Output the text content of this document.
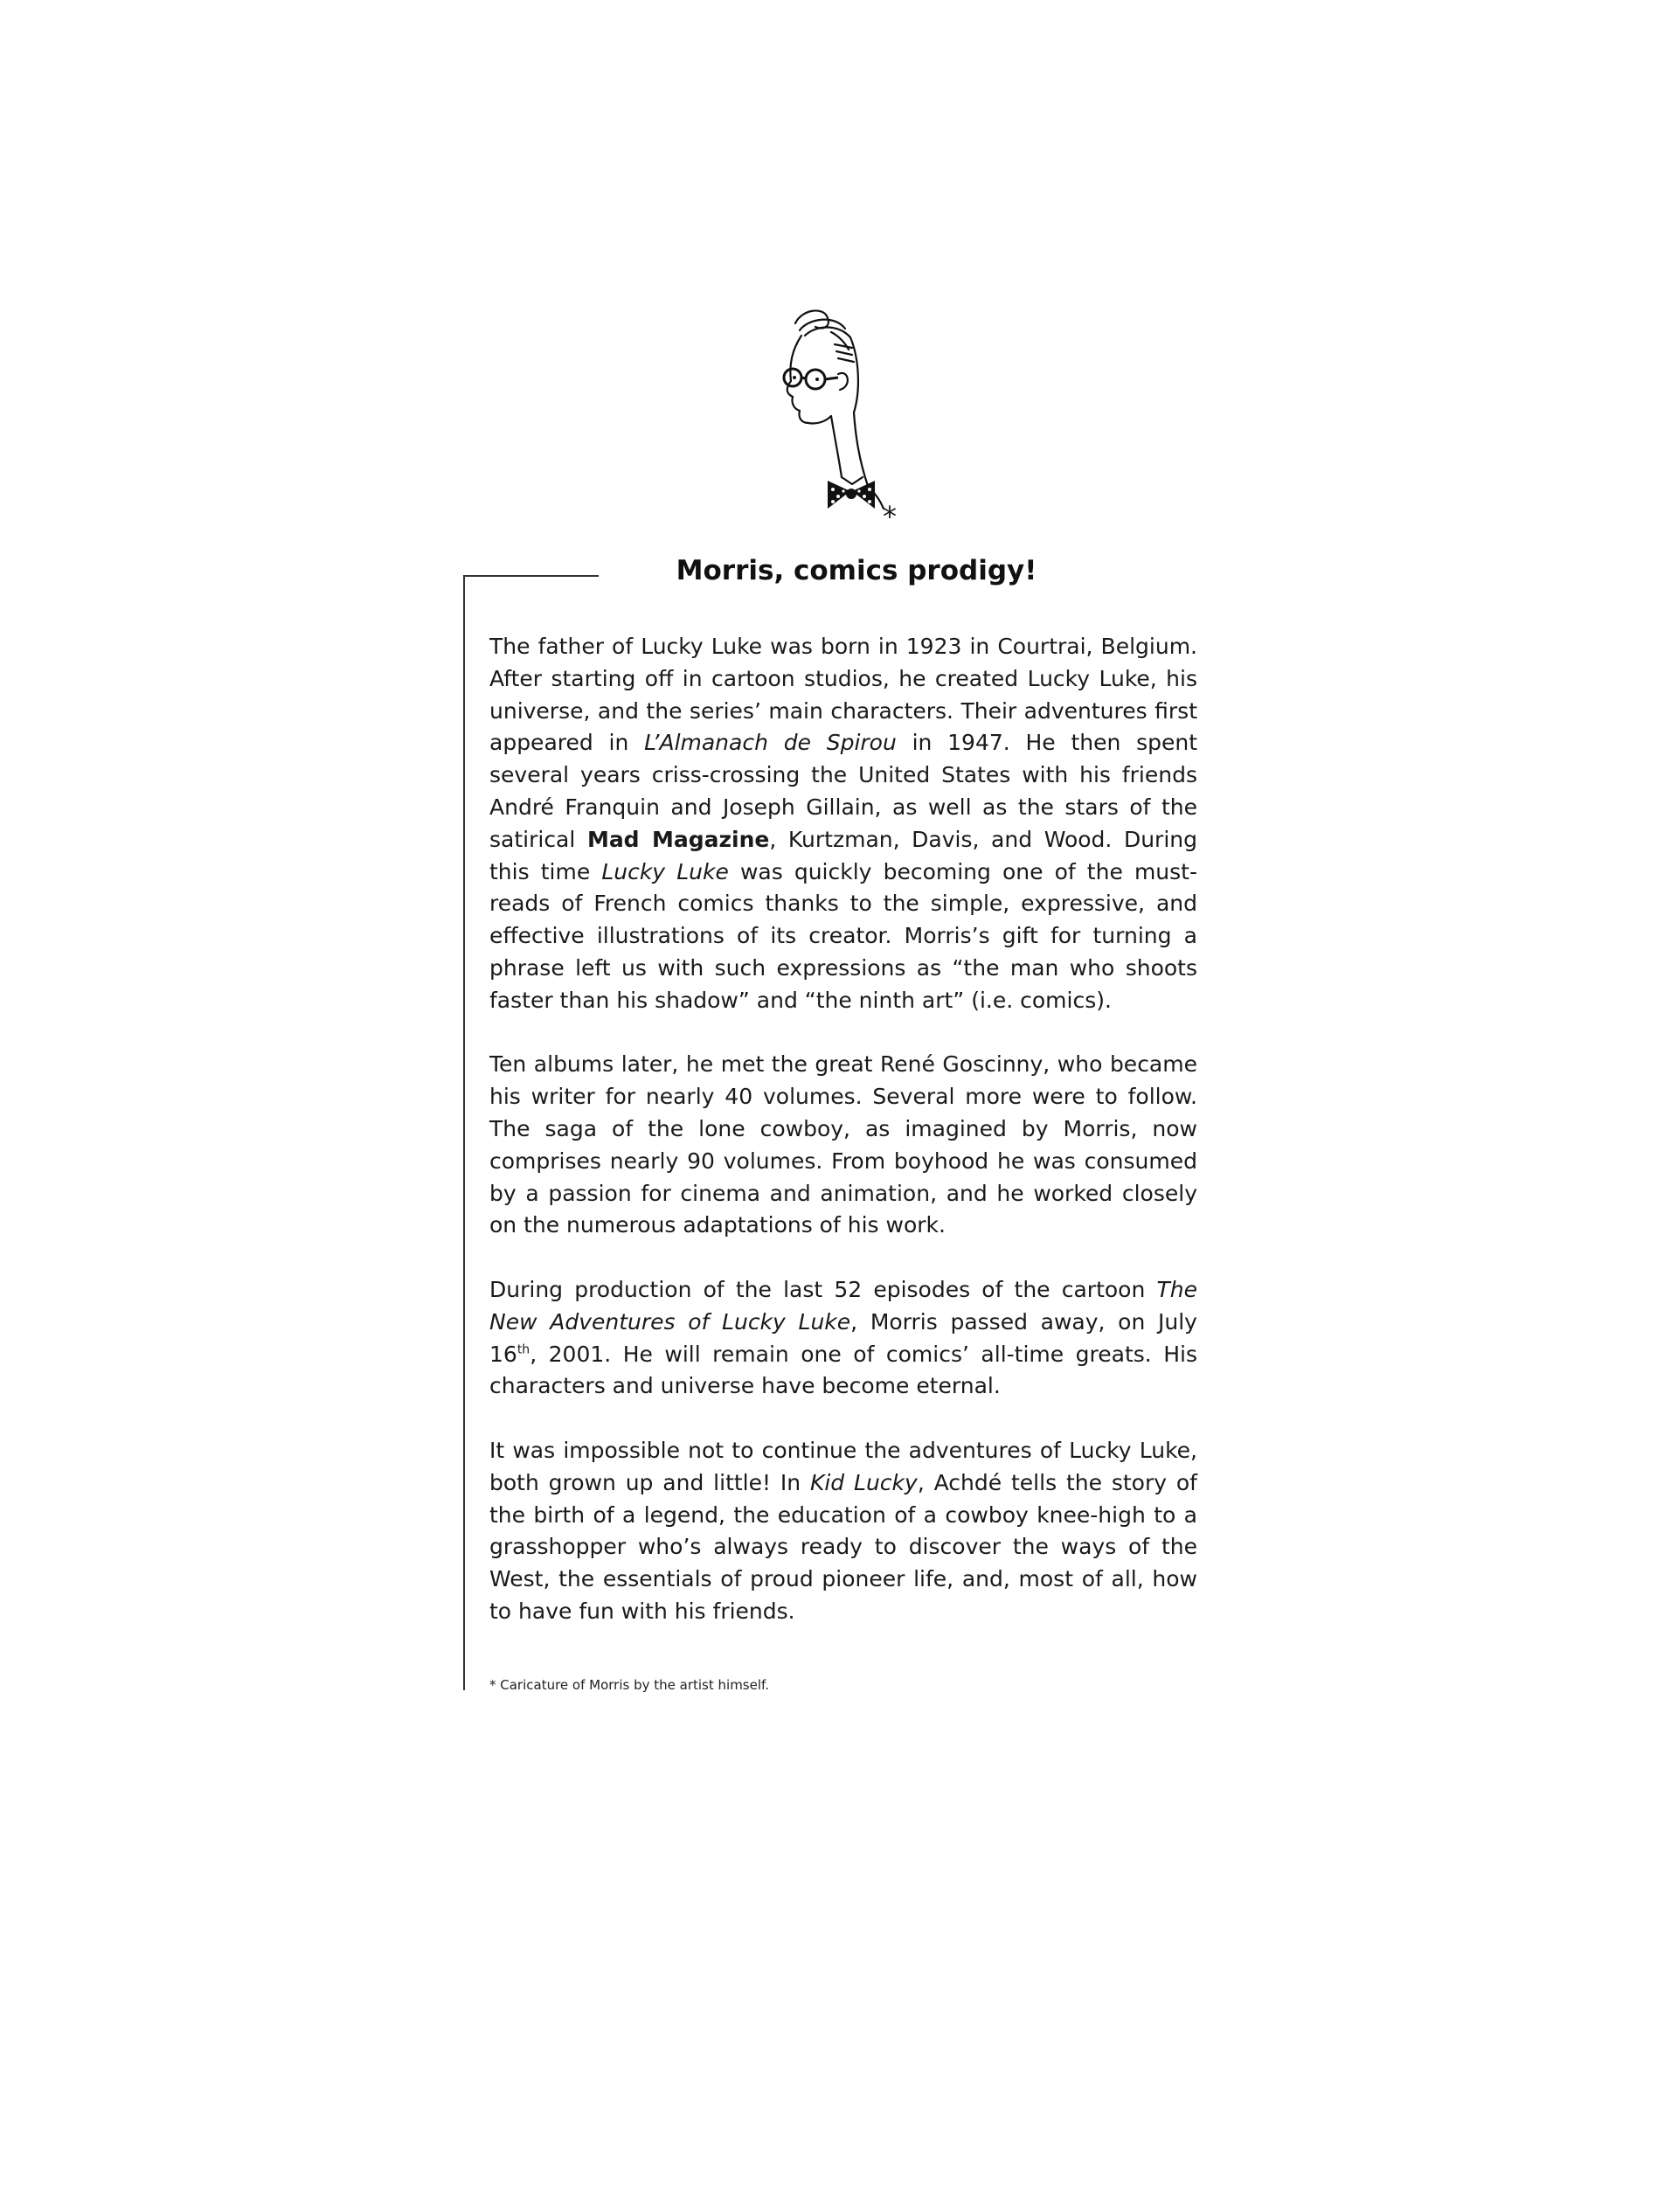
*
Morris, comics prodigy!

The father of Lucky Luke was born in 1923 in Courtrai, Belgium. After starting off in cartoon studios, he created Lucky Luke, his universe, and the series’ main characters. Their adventures first appeared in L’Almanach de Spirou in 1947. He then spent several years criss-crossing the United States with his friends André Franquin and Joseph Gillain, as well as the stars of the satirical Mad Magazine, Kurtzman, Davis, and Wood. During this time Lucky Luke was quickly becoming one of the must-reads of French comics thanks to the simple, expressive, and effective illustrations of its creator. Morris’s gift for turning a phrase left us with such expressions as “the man who shoots faster than his shadow” and “the ninth art” (i.e. comics).

Ten albums later, he met the great René Goscinny, who became his writer for nearly 40 volumes. Several more were to follow. The saga of the lone cowboy, as imagined by Morris, now comprises nearly 90 volumes. From boyhood he was consumed by a passion for cinema and animation, and he worked closely on the numerous adaptations of his work.

During production of the last 52 episodes of the cartoon The New Adventures of Lucky Luke, Morris passed away, on July 16th, 2001. He will remain one of comics’ all-time greats. His characters and universe have become eternal.

It was impossible not to continue the adventures of Lucky Luke, both grown up and little! In Kid Lucky, Achdé tells the story of the birth of a legend, the education of a cowboy knee-high to a grasshopper who’s always ready to discover the ways of the West, the essentials of proud pioneer life, and, most of all, how to have fun with his friends.

* Caricature of Morris by the artist himself.
